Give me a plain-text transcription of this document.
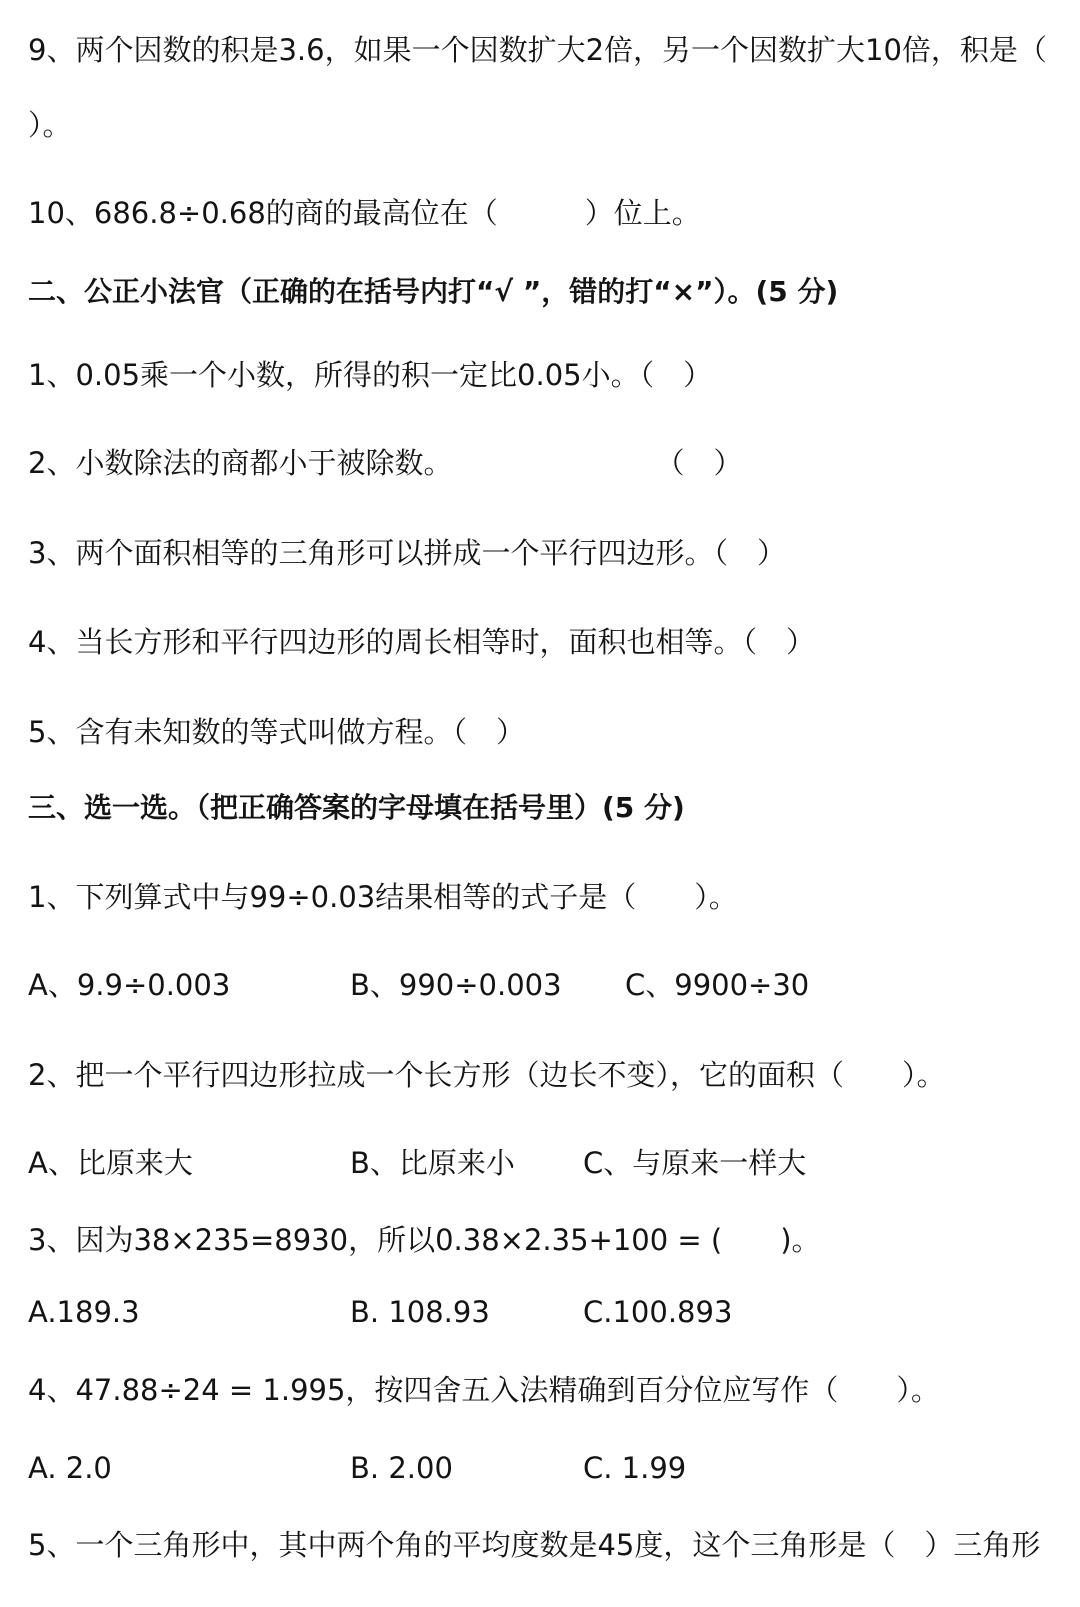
9、两个因数的积是3.6，如果一个因数扩大2倍，另一个因数扩大10倍，积是（
）。
10、686.8÷0.68的商的最高位在（　　　）位上。
二、公正小法官（正确的在括号内打“√ ”，错的打“×”）。(5 分)
1、0.05乘一个小数，所得的积一定比0.05小。（　）
2、小数除法的商都小于被除数。　　　　　　　　（　）
3、两个面积相等的三角形可以拼成一个平行四边形。（　）
4、当长方形和平行四边形的周长相等时，面积也相等。（　）
5、含有未知数的等式叫做方程。（　）
三、选一选。（把正确答案的字母填在括号里）(5 分)
1、下列算式中与99÷0.03结果相等的式子是（　　）。
A、9.9÷0.003	B、990÷0.003 C、9900÷30
2、把一个平行四边形拉成一个长方形（边长不变），它的面积（　　）。
A、比原来大	B、比原来小 C、与原来一样大
3、因为38×235=8930，所以0.38×2.35+100 = (　　)。
A.189.3	B. 108.93	C.100.893
4、47.88÷24 = 1.995，按四舍五入法精确到百分位应写作（　　）。
A. 2.0	B. 2.00	C. 1.99
5、一个三角形中，其中两个角的平均度数是45度，这个三角形是（　）三角形
